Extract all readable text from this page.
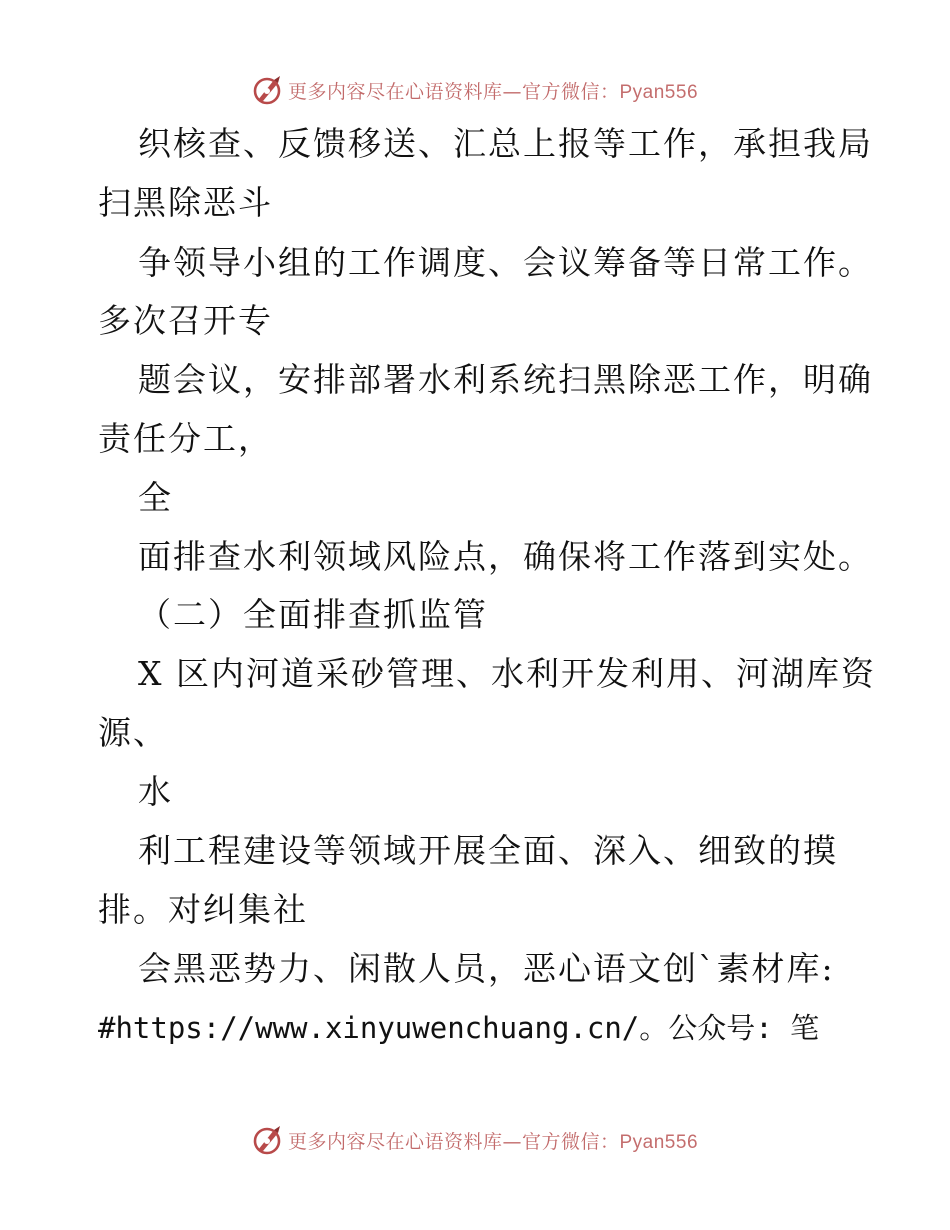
更多内容尽在心语资料库—官方微信：Pyan556
织核查、反馈移送、汇总上报等工作，承担我局
扫黑除恶斗
争领导小组的工作调度、会议筹备等日常工作。
多次召开专
题会议，安排部署水利系统扫黑除恶工作，明确
责任分工，
全
面排查水利领域风险点，确保将工作落到实处。
（二）全面排查抓监管
X 区内河道采砂管理、水利开发利用、河湖库资
源、
水
利工程建设等领域开展全面、深入、细致的摸
排。对纠集社
会黑恶势力、闲散人员，恶心语文创`素材库:
#https://www.xinyuwenchuang.cn/。公众号: 笔
更多内容尽在心语资料库—官方微信：Pyan556
